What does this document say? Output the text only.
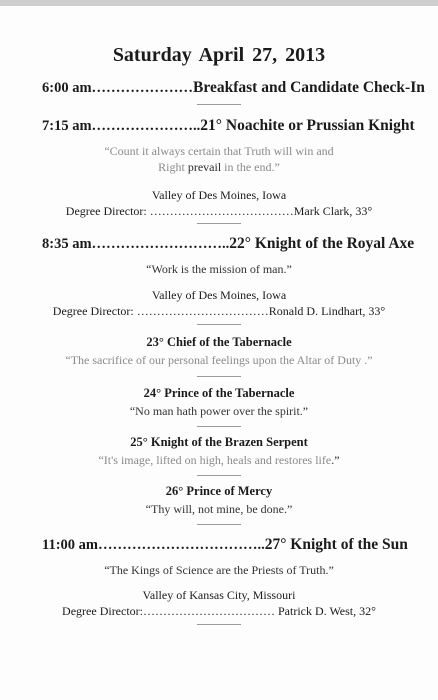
Saturday April 27, 2013

6:00 am…………………Breakfast and Candidate Check-In

7:15 am…………………..21° Noachite or Prussian Knight

“Count it always certain that Truth will win and

Right prevail in the end.”

Valley of Des Moines, Iowa

Degree Director: ………………………………Mark Clark, 33°

8:35 am………………………..22° Knight of the Royal Axe

“Work is the mission of man.”

Valley of Des Moines, Iowa

Degree Director: ……………………………Ronald D. Lindhart, 33°

23° Chief of the Tabernacle

“The sacrifice of our personal feelings upon the Altar of Duty .”

24° Prince of the Tabernacle

“No man hath power over the spirit.”

25° Knight of the Brazen Serpent

“It's image, lifted on high, heals and restores life.”

26° Prince of Mercy

“Thy will, not mine, be done.”

11:00 am……………………………..27° Knight of the Sun

“The Kings of Science are the Priests of Truth.”

Valley of Kansas City, Missouri

Degree Director:…………………………… Patrick D. West, 32°
